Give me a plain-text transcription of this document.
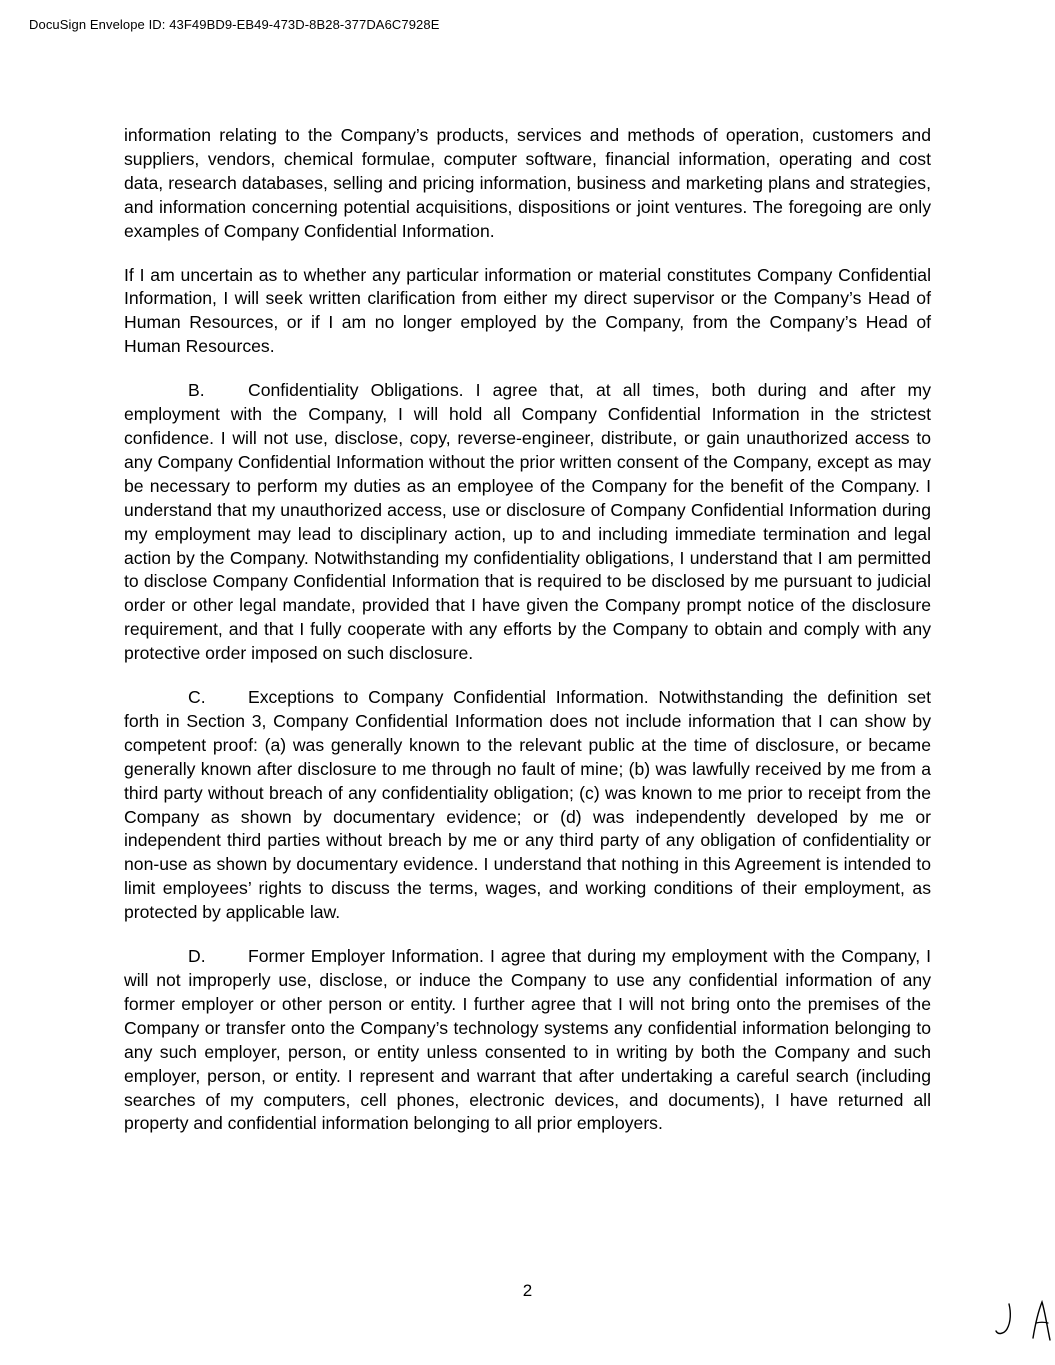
DocuSign Envelope ID: 43F49BD9-EB49-473D-8B28-377DA6C7928E

information relating to the Company’s products, services and methods of operation, customers and suppliers, vendors, chemical formulae, computer software, financial information, operating and cost data, research databases, selling and pricing information, business and marketing plans and strategies, and information concerning potential acquisitions, dispositions or joint ventures. The foregoing are only examples of Company Confidential Information.

If I am uncertain as to whether any particular information or material constitutes Company Confidential Information, I will seek written clarification from either my direct supervisor or the Company’s Head of Human Resources, or if I am no longer employed by the Company, from the Company’s Head of Human Resources.

B. Confidentiality Obligations. I agree that, at all times, both during and after my employment with the Company, I will hold all Company Confidential Information in the strictest confidence. I will not use, disclose, copy, reverse-engineer, distribute, or gain unauthorized access to any Company Confidential Information without the prior written consent of the Company, except as may be necessary to perform my duties as an employee of the Company for the benefit of the Company. I understand that my unauthorized access, use or disclosure of Company Confidential Information during my employment may lead to disciplinary action, up to and including immediate termination and legal action by the Company. Notwithstanding my confidentiality obligations, I understand that I am permitted to disclose Company Confidential Information that is required to be disclosed by me pursuant to judicial order or other legal mandate, provided that I have given the Company prompt notice of the disclosure requirement, and that I fully cooperate with any efforts by the Company to obtain and comply with any protective order imposed on such disclosure.

C. Exceptions to Company Confidential Information. Notwithstanding the definition set forth in Section 3, Company Confidential Information does not include information that I can show by competent proof: (a) was generally known to the relevant public at the time of disclosure, or became generally known after disclosure to me through no fault of mine; (b) was lawfully received by me from a third party without breach of any confidentiality obligation; (c) was known to me prior to receipt from the Company as shown by documentary evidence; or (d) was independently developed by me or independent third parties without breach by me or any third party of any obligation of confidentiality or non-use as shown by documentary evidence. I understand that nothing in this Agreement is intended to limit employees’ rights to discuss the terms, wages, and working conditions of their employment, as protected by applicable law.

D. Former Employer Information. I agree that during my employment with the Company, I will not improperly use, disclose, or induce the Company to use any confidential information of any former employer or other person or entity. I further agree that I will not bring onto the premises of the Company or transfer onto the Company’s technology systems any confidential information belonging to any such employer, person, or entity unless consented to in writing by both the Company and such employer, person, or entity. I represent and warrant that after undertaking a careful search (including searches of my computers, cell phones, electronic devices, and documents), I have returned all property and confidential information belonging to all prior employers.

2
